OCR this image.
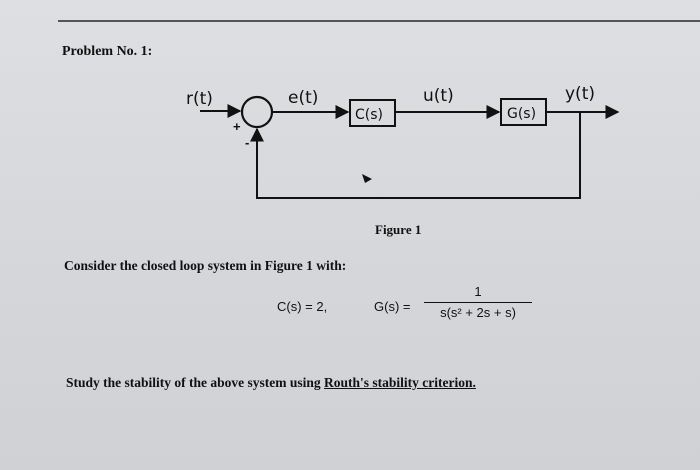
Problem No. 1:
r(t)	e(t)
C(s)
u(t)
G(s)
y(t)
+
-
Figure 1
Consider the closed loop system in Figure 1 with:
C(s) = 2,	G(s) =
1
s(s² + 2s + s)
Study the stability of the above system using Routh's stability criterion.
